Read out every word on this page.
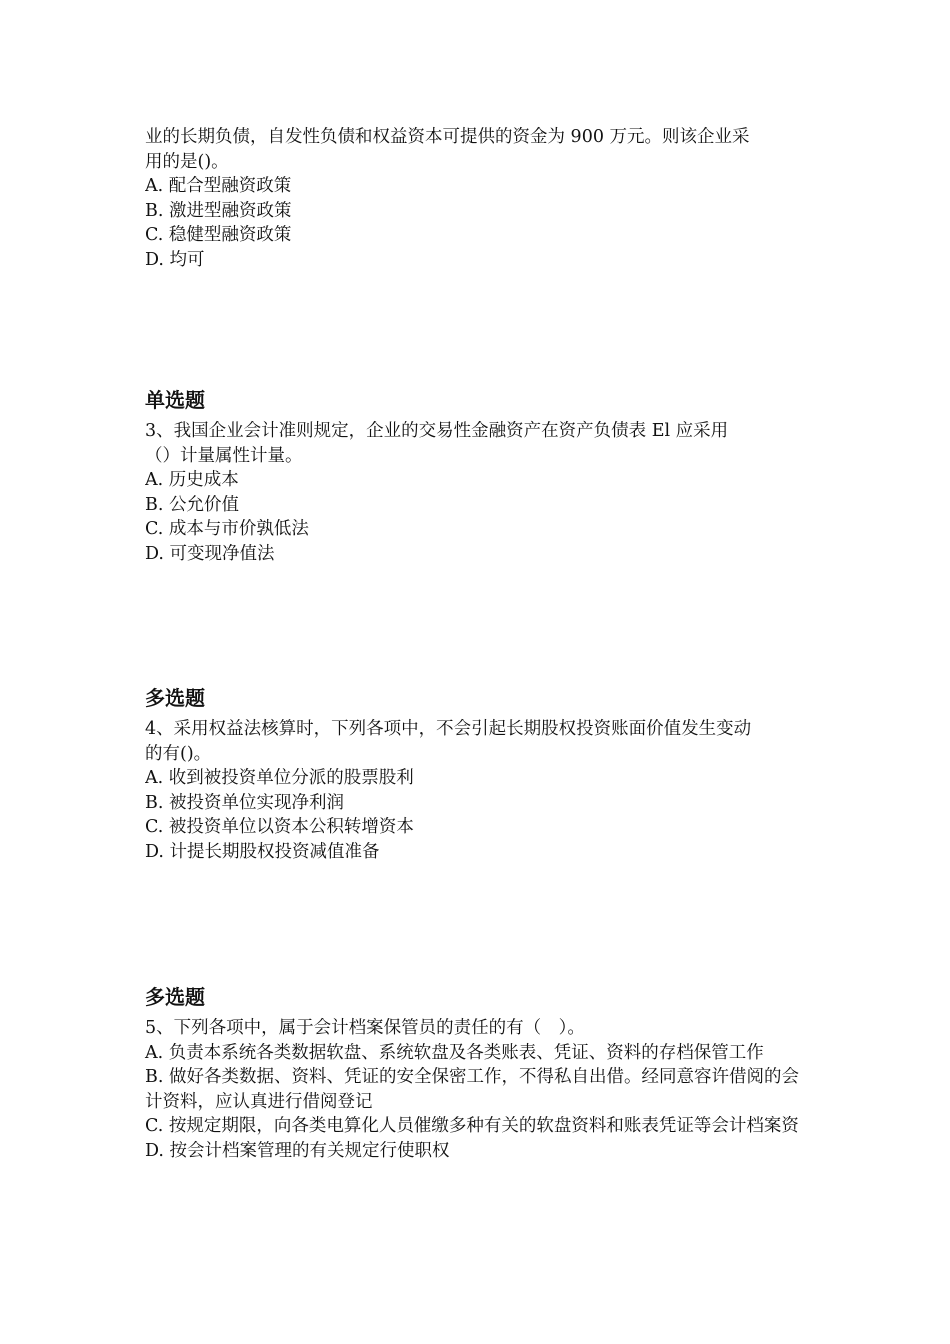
业的长期负债，自发性负债和权益资本可提供的资金为 900 万元。则该企业采
用的是()。
A. 配合型融资政策
B. 激进型融资政策
C. 稳健型融资政策
D. 均可
单选题
3、我国企业会计准则规定，企业的交易性金融资产在资产负债表 El 应采用
（）计量属性计量。
A. 历史成本
B. 公允价值
C. 成本与市价孰低法
D. 可变现净值法
多选题
4、采用权益法核算时，下列各项中，不会引起长期股权投资账面价值发生变动
的有()。
A. 收到被投资单位分派的股票股利
B. 被投资单位实现净利润
C. 被投资单位以资本公积转增资本
D. 计提长期股权投资减值准备
多选题
5、下列各项中，属于会计档案保管员的责任的有（　）。
A. 负责本系统各类数据软盘、系统软盘及各类账表、凭证、资料的存档保管工作
B. 做好各类数据、资料、凭证的安全保密工作，不得私自出借。经同意容许借阅的会计资料，应认真进行借阅登记
C. 按规定期限，向各类电算化人员催缴多种有关的软盘资料和账表凭证等会计档案资
D. 按会计档案管理的有关规定行使职权
